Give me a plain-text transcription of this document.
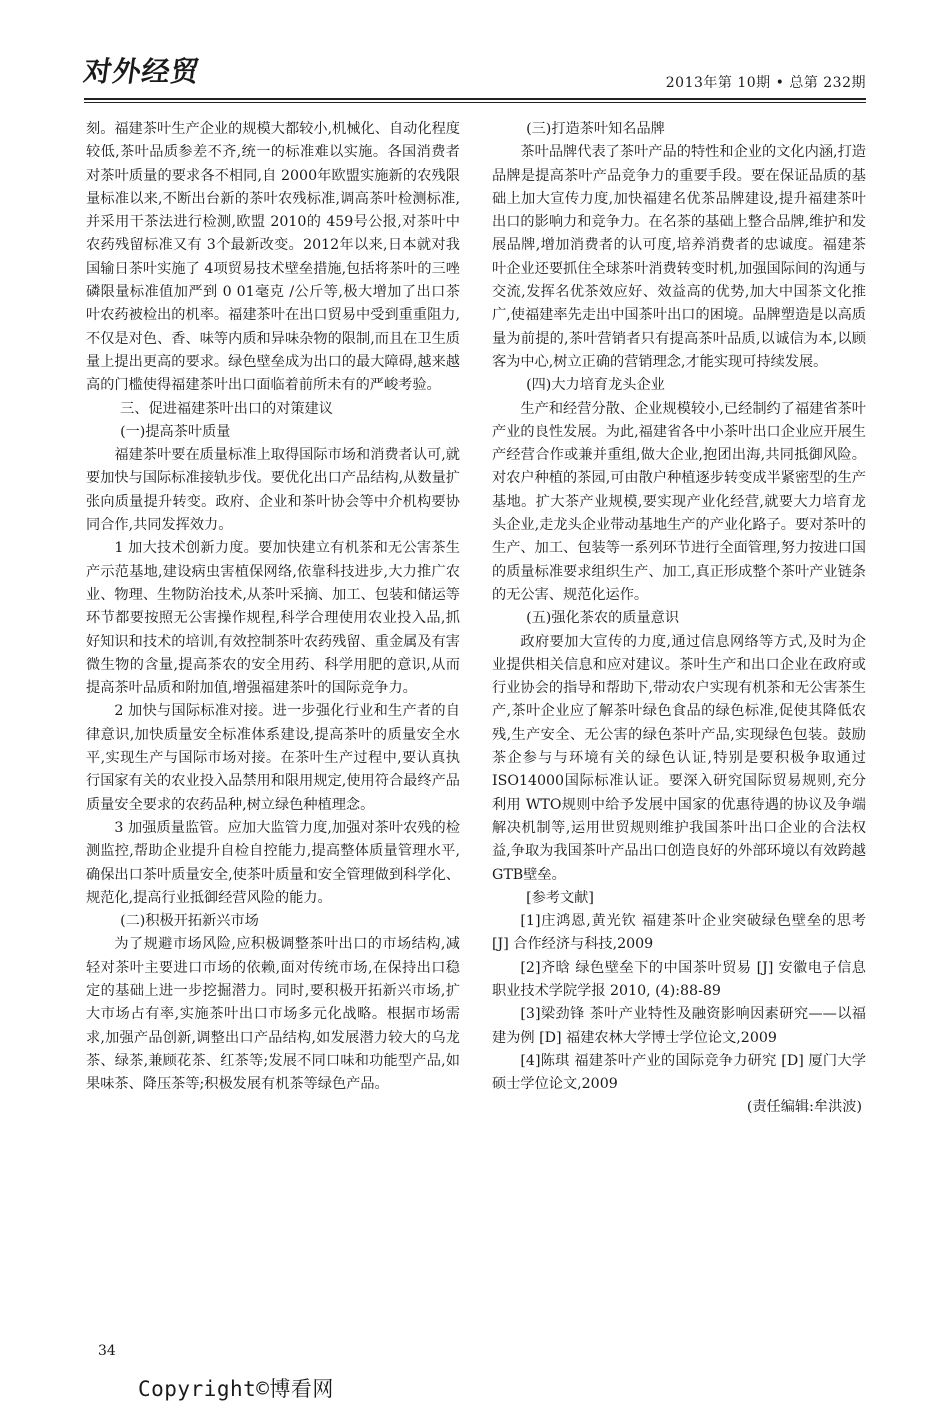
对外经贸	2013年第 10期 • 总第 232期

刻。福建茶叶生产企业的规模大都较小,机械化、自动化程度较低,茶叶品质参差不齐,统一的标准难以实施。各国消费者对茶叶质量的要求各不相同,自 2000年欧盟实施新的农残限量标准以来,不断出台新的茶叶农残标准,调高茶叶检测标准,并采用干茶法进行检测,欧盟 2010的 459号公报,对茶叶中农药残留标准又有 3个最新改变。2012年以来,日本就对我国输日茶叶实施了 4项贸易技术壁垒措施,包括将茶叶的三唑磷限量标准值加严到 0 01毫克 /公斤等,极大增加了出口茶叶农药被检出的机率。福建茶叶在出口贸易中受到重重阻力,不仅是对色、香、味等内质和异味杂物的限制,而且在卫生质量上提出更高的要求。绿色壁垒成为出口的最大障碍,越来越高的门槛使得福建茶叶出口面临着前所未有的严峻考验。

三、促进福建茶叶出口的对策建议

(一)提高茶叶质量

福建茶叶要在质量标准上取得国际市场和消费者认可,就要加快与国际标准接轨步伐。要优化出口产品结构,从数量扩张向质量提升转变。政府、企业和茶叶协会等中介机构要协同合作,共同发挥效力。

1 加大技术创新力度。要加快建立有机茶和无公害茶生产示范基地,建设病虫害植保网络,依靠科技进步,大力推广农业、物理、生物防治技术,从茶叶采摘、加工、包装和储运等环节都要按照无公害操作规程,科学合理使用农业投入品,抓好知识和技术的培训,有效控制茶叶农药残留、重金属及有害微生物的含量,提高茶农的安全用药、科学用肥的意识,从而提高茶叶品质和附加值,增强福建茶叶的国际竞争力。

2 加快与国际标准对接。进一步强化行业和生产者的自律意识,加快质量安全标准体系建设,提高茶叶的质量安全水平,实现生产与国际市场对接。在茶叶生产过程中,要认真执行国家有关的农业投入品禁用和限用规定,使用符合最终产品质量安全要求的农药品种,树立绿色种植理念。

3 加强质量监管。应加大监管力度,加强对茶叶农残的检测监控,帮助企业提升自检自控能力,提高整体质量管理水平,确保出口茶叶质量安全,使茶叶质量和安全管理做到科学化、规范化,提高行业抵御经营风险的能力。

(二)积极开拓新兴市场

为了规避市场风险,应积极调整茶叶出口的市场结构,减轻对茶叶主要进口市场的依赖,面对传统市场,在保持出口稳定的基础上进一步挖掘潜力。同时,要积极开拓新兴市场,扩大市场占有率,实施茶叶出口市场多元化战略。根据市场需求,加强产品创新,调整出口产品结构,如发展潜力较大的乌龙茶、绿茶,兼顾花茶、红茶等;发展不同口味和功能型产品,如果味茶、降压茶等;积极发展有机茶等绿色产品。

(三)打造茶叶知名品牌

茶叶品牌代表了茶叶产品的特性和企业的文化内涵,打造品牌是提高茶叶产品竞争力的重要手段。要在保证品质的基础上加大宣传力度,加快福建名优茶品牌建设,提升福建茶叶出口的影响力和竞争力。在名茶的基础上整合品牌,维护和发展品牌,增加消费者的认可度,培养消费者的忠诚度。福建茶叶企业还要抓住全球茶叶消费转变时机,加强国际间的沟通与交流,发挥名优茶效应好、效益高的优势,加大中国茶文化推广,使福建率先走出中国茶叶出口的困境。品牌塑造是以高质量为前提的,茶叶营销者只有提高茶叶品质,以诚信为本,以顾客为中心,树立正确的营销理念,才能实现可持续发展。

(四)大力培育龙头企业

生产和经营分散、企业规模较小,已经制约了福建省茶叶产业的良性发展。为此,福建省各中小茶叶出口企业应开展生产经营合作或兼并重组,做大企业,抱团出海,共同抵御风险。对农户种植的茶园,可由散户种植逐步转变成半紧密型的生产基地。扩大茶产业规模,要实现产业化经营,就要大力培育龙头企业,走龙头企业带动基地生产的产业化路子。要对茶叶的生产、加工、包装等一系列环节进行全面管理,努力按进口国的质量标准要求组织生产、加工,真正形成整个茶叶产业链条的无公害、规范化运作。

(五)强化茶农的质量意识

政府要加大宣传的力度,通过信息网络等方式,及时为企业提供相关信息和应对建议。茶叶生产和出口企业在政府或行业协会的指导和帮助下,带动农户实现有机茶和无公害茶生产,茶叶企业应了解茶叶绿色食品的绿色标准,促使其降低农残,生产安全、无公害的绿色茶叶产品,实现绿色包装。鼓励茶企参与与环境有关的绿色认证,特别是要积极争取通过 ISO14000国际标准认证。要深入研究国际贸易规则,充分利用 WTO规则中给予发展中国家的优惠待遇的协议及争端解决机制等,运用世贸规则维护我国茶叶出口企业的合法权益,争取为我国茶叶产品出口创造良好的外部环境以有效跨越 GTB壁垒。

[参考文献]

[1]庄鸿恩,黄光钦 福建茶叶企业突破绿色壁垒的思考 [J] 合作经济与科技,2009

[2]齐晗 绿色壁垒下的中国茶叶贸易 [J] 安徽电子信息职业技术学院学报 2010, (4):88-89

[3]梁劲锋 茶叶产业特性及融资影响因素研究——以福建为例 [D] 福建农林大学博士学位论文,2009

[4]陈琪 福建茶叶产业的国际竞争力研究 [D] 厦门大学硕士学位论文,2009

(责任编辑:牟洪波)

34
Copyright©博看网
